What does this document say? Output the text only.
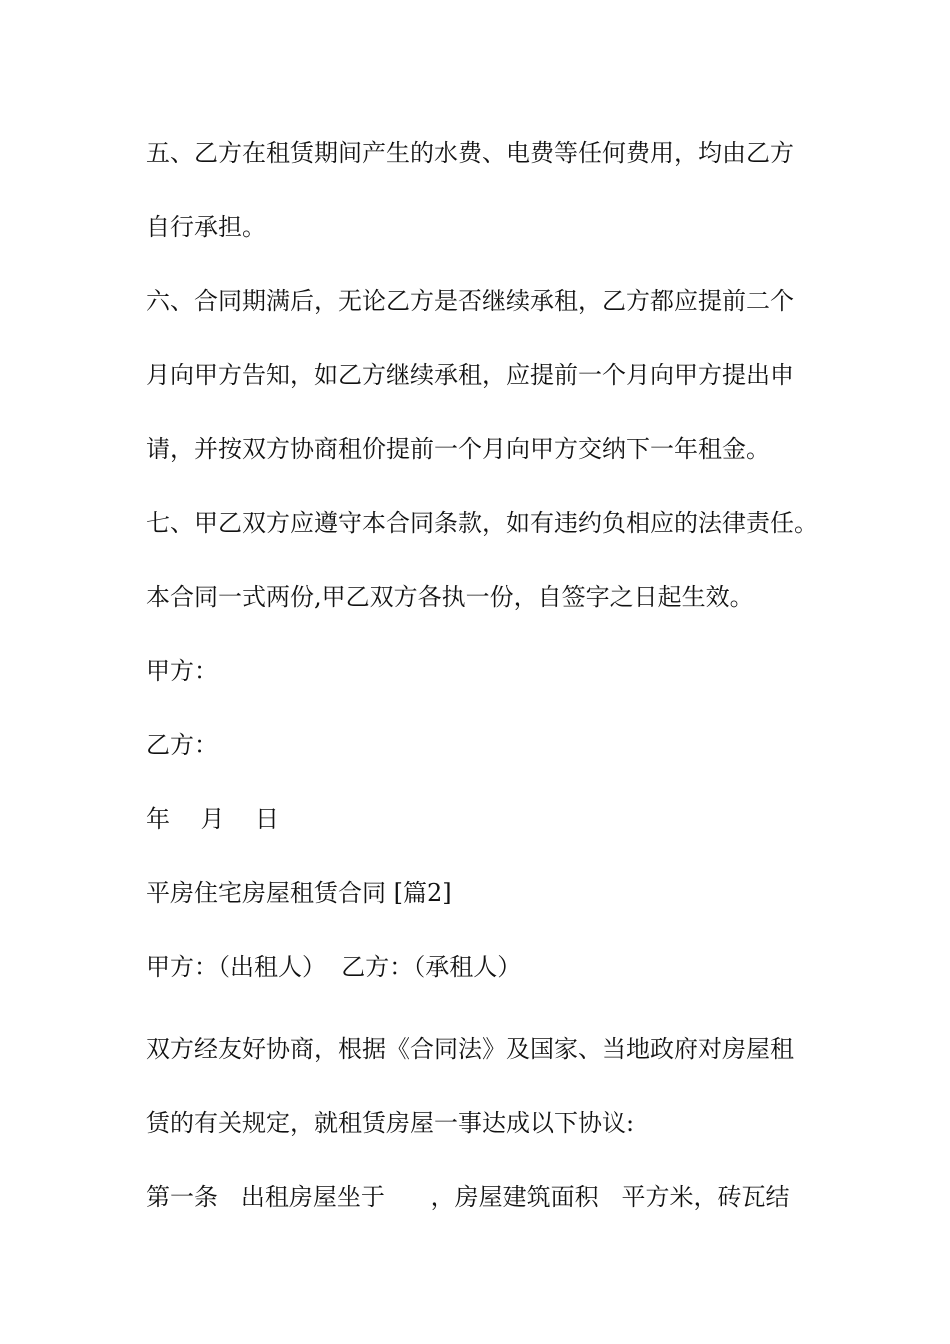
五、乙方在租赁期间产生的水费、电费等任何费用，均由乙方
自行承担。
六、合同期满后，无论乙方是否继续承租，乙方都应提前二个
月向甲方告知，如乙方继续承租，应提前一个月向甲方提出申
请，并按双方协商租价提前一个月向甲方交纳下一年租金。
七、甲乙双方应遵守本合同条款，如有违约负相应的法律责任。
本合同一式两份,甲乙双方各执一份，自签字之日起生效。
甲方：
乙方：
年    月    日
平房住宅房屋租赁合同 [篇2]
甲方：（出租人）  乙方：（承租人）
双方经友好协商，根据《合同法》及国家、当地政府对房屋租
赁的有关规定，就租赁房屋一事达成以下协议:
第一条   出租房屋坐于      ，房屋建筑面积   平方米，砖瓦结
